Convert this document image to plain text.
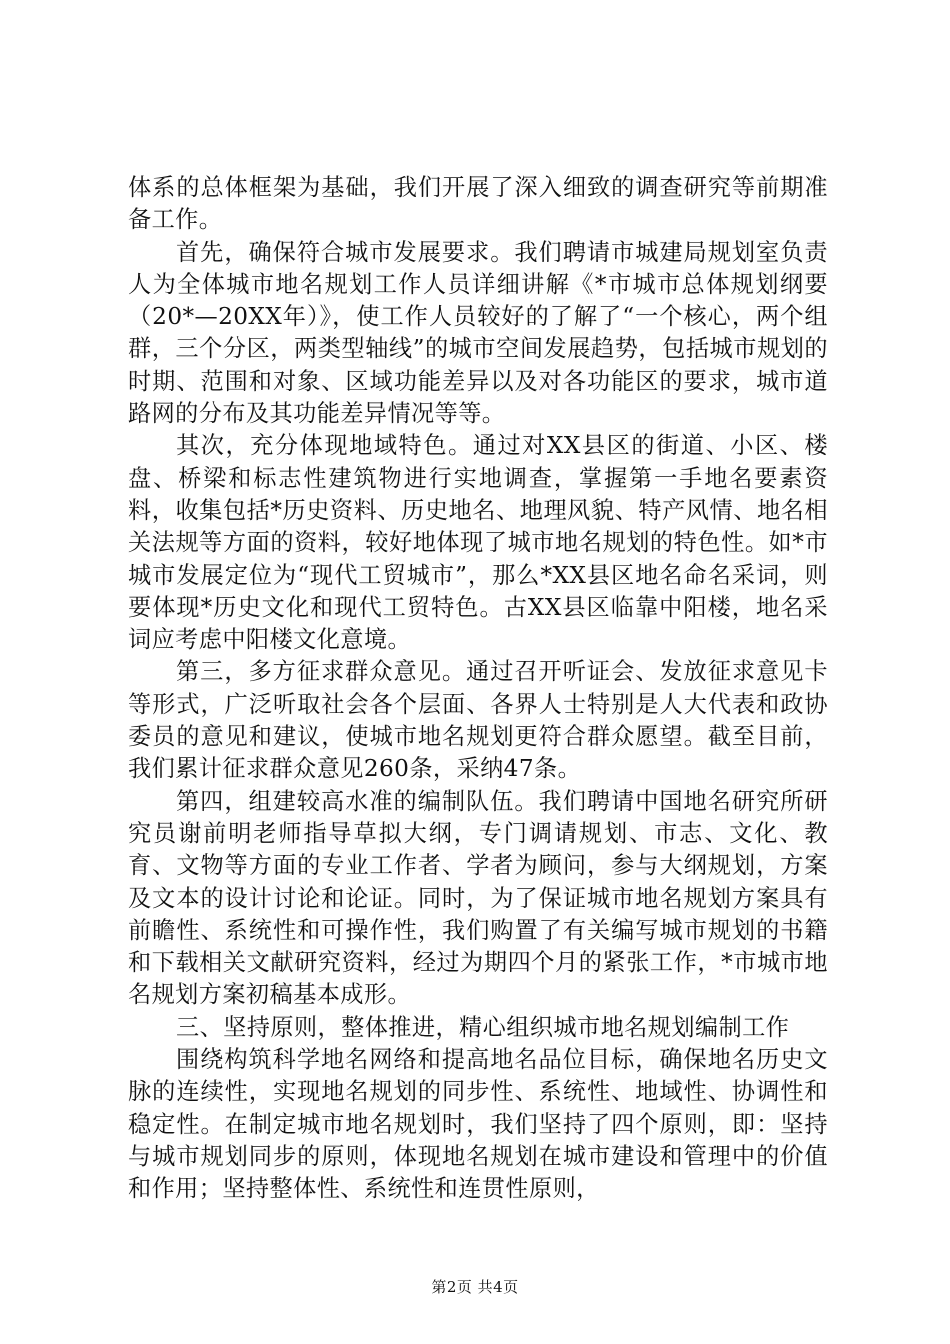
体系的总体框架为基础，我们开展了深入细致的调查研究等前期准备工作。

首先，确保符合城市发展要求。我们聘请市城建局规划室负责人为全体城市地名规划工作人员详细讲解《*市城市总体规划纲要（20*—20XX年）》，使工作人员较好的了解了“一个核心，两个组群，三个分区，两类型轴线”的城市空间发展趋势，包括城市规划的时期、范围和对象、区域功能差异以及对各功能区的要求，城市道路网的分布及其功能差异情况等等。

其次，充分体现地域特色。通过对XX县区的街道、小区、楼盘、桥梁和标志性建筑物进行实地调查，掌握第一手地名要素资料，收集包括*历史资料、历史地名、地理风貌、特产风情、地名相关法规等方面的资料，较好地体现了城市地名规划的特色性。如*市城市发展定位为“现代工贸城市”，那么*XX县区地名命名采词，则要体现*历史文化和现代工贸特色。古XX县区临靠中阳楼，地名采词应考虑中阳楼文化意境。

第三，多方征求群众意见。通过召开听证会、发放征求意见卡等形式，广泛听取社会各个层面、各界人士特别是人大代表和政协委员的意见和建议，使城市地名规划更符合群众愿望。截至目前，我们累计征求群众意见260条，采纳47条。

第四，组建较高水准的编制队伍。我们聘请中国地名研究所研究员谢前明老师指导草拟大纲，专门调请规划、市志、文化、教育、文物等方面的专业工作者、学者为顾问，参与大纲规划，方案及文本的设计讨论和论证。同时，为了保证城市地名规划方案具有前瞻性、系统性和可操作性，我们购置了有关编写城市规划的书籍和下载相关文献研究资料，经过为期四个月的紧张工作，*市城市地名规划方案初稿基本成形。

三、坚持原则，整体推进，精心组织城市地名规划编制工作

围绕构筑科学地名网络和提高地名品位目标，确保地名历史文脉的连续性，实现地名规划的同步性、系统性、地域性、协调性和稳定性。在制定城市地名规划时，我们坚持了四个原则，即：坚持与城市规划同步的原则，体现地名规划在城市建设和管理中的价值和作用；坚持整体性、系统性和连贯性原则，

第2页 共4页
